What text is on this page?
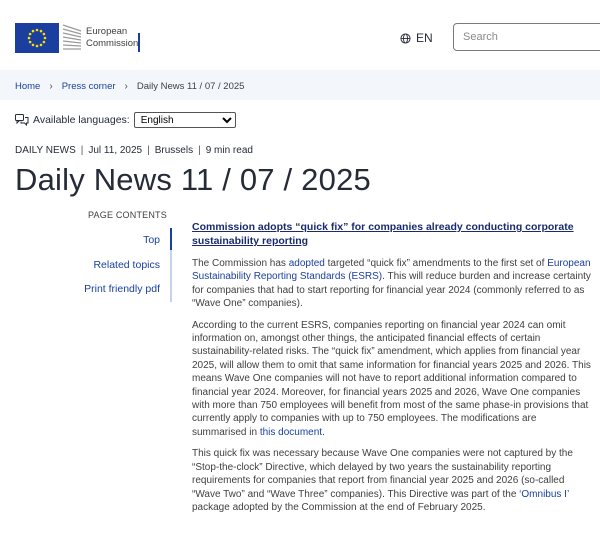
European
Commission	EN
Search
Home › Press corner › Daily News 11 / 07 / 2025
Available languages:
English
DAILY NEWS | Jul 11, 2025 | Brussels | 9 min read
Daily News 11 / 07 / 2025
PAGE CONTENTS
Top
Related topics
Print friendly pdf
Commission adopts “quick fix” for companies already conducting corporate sustainability reporting

The Commission has adopted targeted “quick fix” amendments to the first set of European Sustainability Reporting Standards (ESRS). This will reduce burden and increase certainty for companies that had to start reporting for financial year 2024 (commonly referred to as “Wave One” companies).

According to the current ESRS, companies reporting on financial year 2024 can omit information on, amongst other things, the anticipated financial effects of certain sustainability-related risks. The “quick fix” amendment, which applies from financial year 2025, will allow them to omit that same information for financial years 2025 and 2026. This means Wave One companies will not have to report additional information compared to financial year 2024. Moreover, for financial years 2025 and 2026, Wave One companies with more than 750 employees will benefit from most of the same phase-in provisions that currently apply to companies with up to 750 employees. The modifications are summarised in this document.

This quick fix was necessary because Wave One companies were not captured by the “Stop-the-clock” Directive, which delayed by two years the sustainability reporting requirements for companies that report from financial year 2025 and 2026 (so-called “Wave Two” and “Wave Three” companies). This Directive was part of the ‘Omnibus I’ package adopted by the Commission at the end of February 2025.
